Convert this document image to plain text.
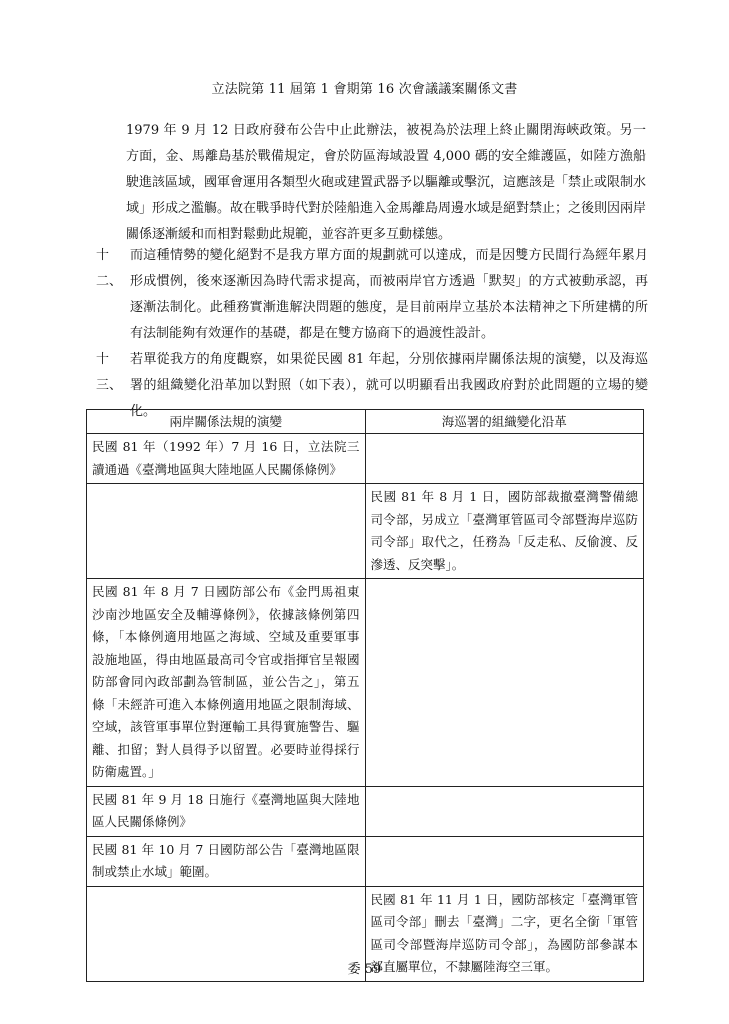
立法院第 11 屆第 1 會期第 16 次會議議案關係文書

1979 年 9 月 12 日政府發布公告中止此辦法，被視為於法理上終止關閉海峽政策。另一方面，金、馬離島基於戰備規定，會於防區海域設置 4,000 碼的安全維護區，如陸方漁船駛進該區域，國軍會運用各類型火砲或建置武器予以驅離或擊沉，這應該是「禁止或限制水域」形成之濫觴。故在戰爭時代對於陸船進入金馬離島周邊水域是絕對禁止；之後則因兩岸關係逐漸緩和而相對鬆動此規範，並容許更多互動樣態。

十二、
而這種情勢的變化絕對不是我方單方面的規劃就可以達成，而是因雙方民間行為經年累月形成慣例，後來逐漸因為時代需求提高，而被兩岸官方透過「默契」的方式被動承認，再逐漸法制化。此種務實漸進解決問題的態度，是目前兩岸立基於本法精神之下所建構的所有法制能夠有效運作的基礎，都是在雙方協商下的過渡性設計。
十三、
若單從我方的角度觀察，如果從民國 81 年起，分別依據兩岸關係法規的演變，以及海巡署的組織變化沿革加以對照（如下表），就可以明顯看出我國政府對於此問題的立場的變化。
兩岸關係法規的演變	海巡署的組織變化沿革
民國 81 年（1992 年）7 月 16 日，立法院三讀通過《臺灣地區與大陸地區人民關係條例》	
	民國 81 年 8 月 1 日，國防部裁撤臺灣警備總司令部，另成立「臺灣軍管區司令部暨海岸巡防司令部」取代之，任務為「反走私、反偷渡、反滲透、反突擊」。
民國 81 年 8 月 7 日國防部公布《金門馬祖東沙南沙地區安全及輔導條例》，依據該條例第四條，「本條例適用地區之海域、空域及重要軍事設施地區，得由地區最高司令官或指揮官呈報國防部會同內政部劃為管制區，並公告之」，第五條「未經許可進入本條例適用地區之限制海域、空域，該管軍事單位對運輸工具得實施警告、驅離、扣留；對人員得予以留置。必要時並得採行防衛處置。」	
民國 81 年 9 月 18 日施行《臺灣地區與大陸地區人民關係條例》	
民國 81 年 10 月 7 日國防部公告「臺灣地區限制或禁止水域」範圍。	
	民國 81 年 11 月 1 日，國防部核定「臺灣軍管區司令部」刪去「臺灣」二字，更名全銜「軍管區司令部暨海岸巡防司令部」，為國防部參謀本部直屬單位，不隸屬陸海空三軍。
委 59
